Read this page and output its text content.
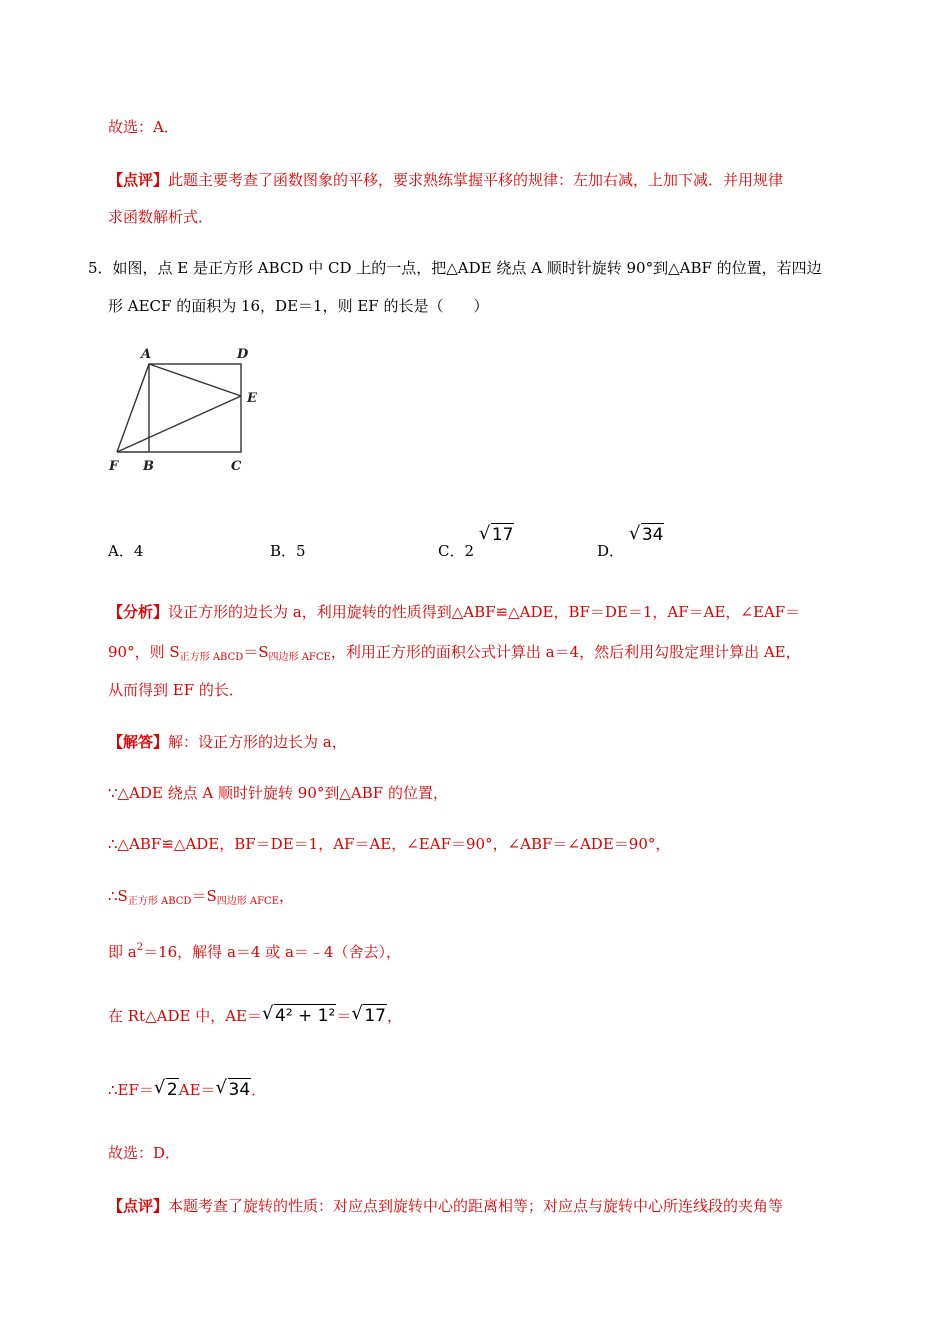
故选：A．
【点评】此题主要考查了函数图象的平移，要求熟练掌握平移的规律：左加右减，上加下减．并用规律
求函数解析式．
5．如图，点 E 是正方形 ABCD 中 CD 上的一点，把△ADE 绕点 A 顺时针旋转 90°到△ABF 的位置，若四边
形 AECF 的面积为 16，DE＝1，则 EF 的长是（　　）
A	D
E
F B	C
A．4	B．5	C．2
√ 17
D．
√ 34
【分析】设正方形的边长为 a，利用旋转的性质得到△ABF≌△ADE，BF＝DE＝1，AF＝AE，∠EAF＝
90°，则 $S_{正方形 ABCD}=S_{四边形 AFCE}$，利用正方形的面积公式计算出 a＝4，然后利用勾股定理计算出 AE，
从而得到 EF 的长．
【解答】解：设正方形的边长为 a，
∵△ADE 绕点 A 顺时针旋转 90°到△ABF 的位置，
∴△ABF≌△ADE，BF＝DE＝1，AF＝AE，∠EAF＝90°，∠ABF＝∠ADE＝90°，
$\therefore S_{正方形 ABCD}=S_{四边形 AFCE}$，
即 $a^2=16$，解得 a＝4 或 a＝﹣4（舍去），
在 Rt△ADE 中，AE＝ √ 4² + 1²＝ √ 17，
∴EF＝ √ 2AE＝ √ 34．
故选：D．
【点评】本题考查了旋转的性质：对应点到旋转中心的距离相等；对应点与旋转中心所连线段的夹角等
